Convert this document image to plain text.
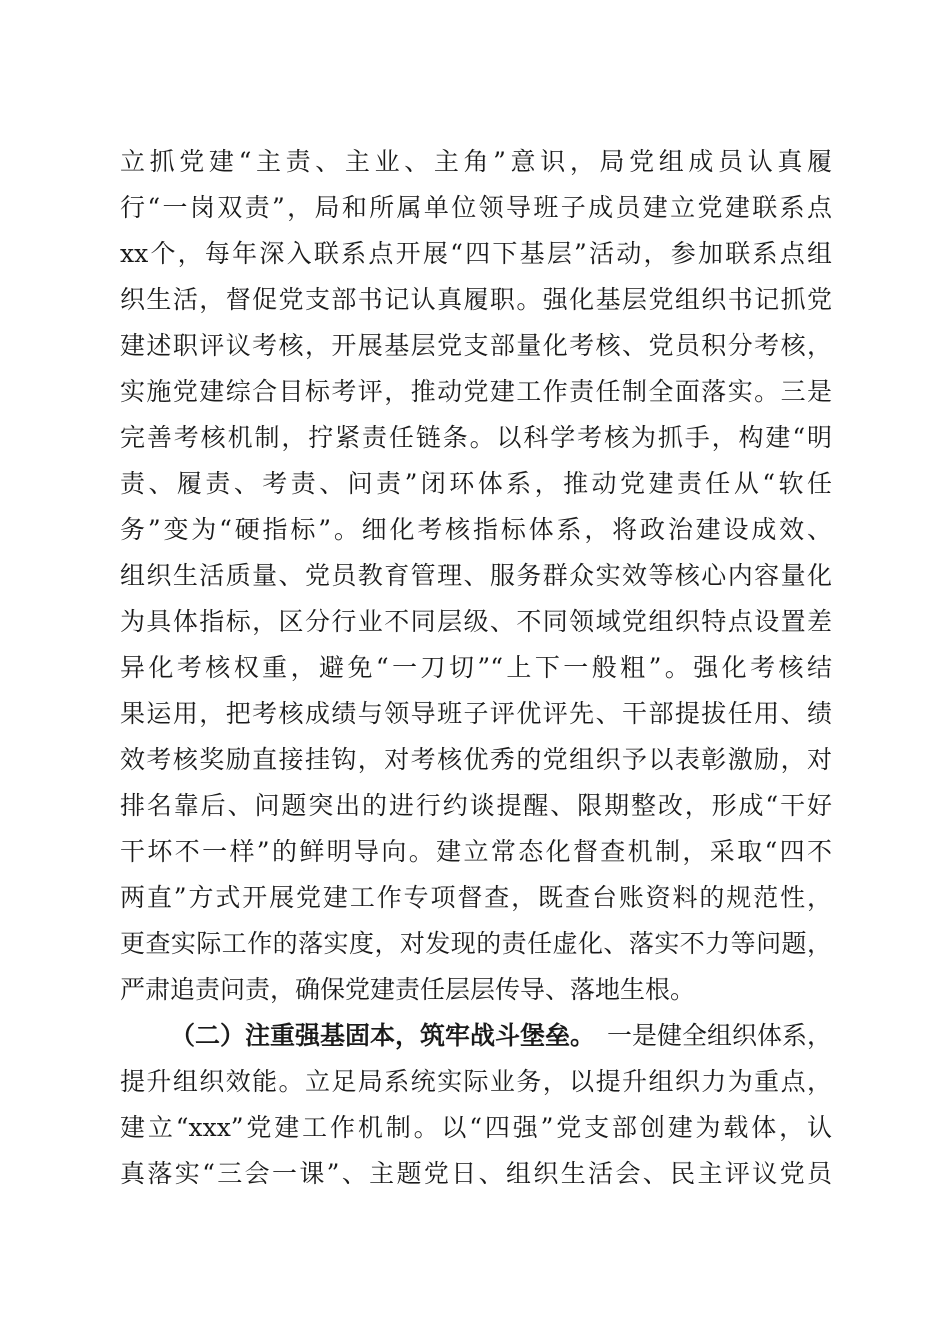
立抓党建“主责、主业、主角”意识，局党组成员认真履
行“一岗双责”，局和所属单位领导班子成员建立党建联系点
xx个，每年深入联系点开展“四下基层”活动，参加联系点组
织生活，督促党支部书记认真履职。强化基层党组织书记抓党
建述职评议考核，开展基层党支部量化考核、党员积分考核，
实施党建综合目标考评，推动党建工作责任制全面落实。三是
完善考核机制，拧紧责任链条。以科学考核为抓手，构建“明
责、履责、考责、问责”闭环体系，推动党建责任从“软任
务”变为“硬指标”。细化考核指标体系，将政治建设成效、
组织生活质量、党员教育管理、服务群众实效等核心内容量化
为具体指标，区分行业不同层级、不同领域党组织特点设置差
异化考核权重，避免“一刀切”“上下一般粗”。强化考核结
果运用，把考核成绩与领导班子评优评先、干部提拔任用、绩
效考核奖励直接挂钩，对考核优秀的党组织予以表彰激励，对
排名靠后、问题突出的进行约谈提醒、限期整改，形成“干好
干坏不一样”的鲜明导向。建立常态化督查机制，采取“四不
两直”方式开展党建工作专项督查，既查台账资料的规范性，
更查实际工作的落实度，对发现的责任虚化、落实不力等问题，
严肃追责问责，确保党建责任层层传导、落地生根。
（二）注重强基固本，筑牢战斗堡垒。 一是健全组织体系，
提升组织效能。立足局系统实际业务，以提升组织力为重点，
建立“xxx”党建工作机制。以“四强”党支部创建为载体，认
真落实“三会一课”、主题党日、组织生活会、民主评议党员
